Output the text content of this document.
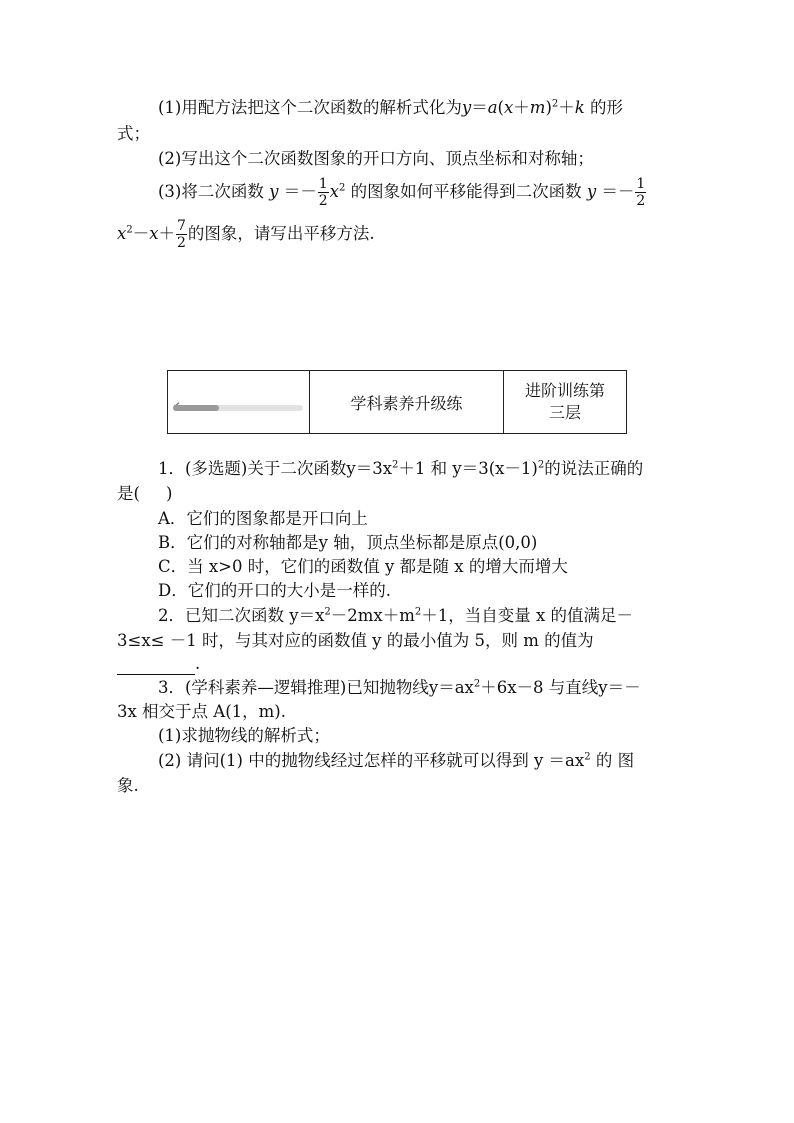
(1)用配方法把这个二次函数的解析式化为$y=a(x+m)^2+k$ 的形
式；
(2)写出这个二次函数图象的开口方向、顶点坐标和对称轴；
(3)将二次函数 $y =- \frac{1}{2} x^2$ 的图象如何平移能得到二次函数 $y =- \frac{1}{2}$
$x^2-x+ \frac{7}{2}$ 的图象，请写出平移方法.
学科素养升级练
进阶训练第
三层
1．(多选题)关于二次函数$y=3x^2+1$ 和 $y=3(x-1)^2$的说法正确的
是( )
A．它们的图象都是开口向上
B．它们的对称轴都是y 轴，顶点坐标都是原点(0,0)
C．当 x>0 时，它们的函数值 y 都是随 x 的增大而增大
D．它们的开口的大小是一样的.
2．已知二次函数 $y=x^2-2mx+m^2+1$，当自变量 x 的值满足－
3≤x≤ －1 时，与其对应的函数值 y 的最小值为 5，则 m 的值为
.
3．(学科素养—逻辑推理)已知抛物线$y=ax^2+6x-8$ 与直线y＝－
3x 相交于点 A(1，m).
(1)求抛物线的解析式；
(2) 请问(1) 中的抛物线经过怎样的平移就可以得到 $y =ax^2$ 的 图
象.
